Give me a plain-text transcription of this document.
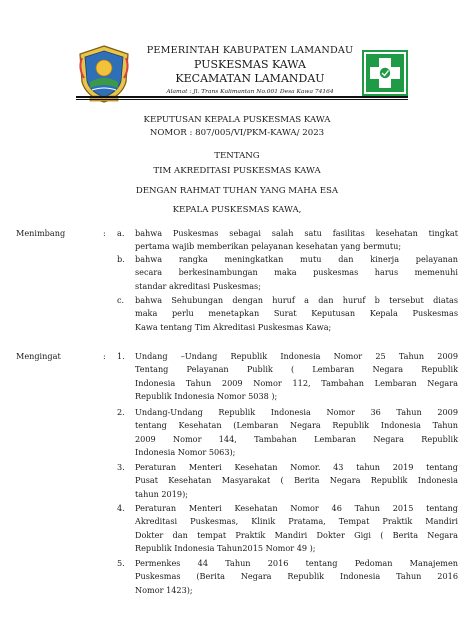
PEMERINTAH KABUPATEN LAMANDAU
PUSKESMAS KAWA
KECAMATAN LAMANDAU
Alamat : Jl. Trans Kalimantan No.001 Desa Kawa 74164
KEPUTUSAN KEPALA PUSKESMAS KAWA
NOMOR : 807/005/VI/PKM-KAWA/ 2023
TENTANG
TIM AKREDITASI PUSKESMAS KAWA
DENGAN RAHMAT TUHAN YANG MAHA ESA
KEPALA PUSKESMAS KAWA,
Menimbang	: a.	bahwa Puskesmas sebagai salah satu fasilitas kesehatan tingkat
pertama wajib memberikan pelayanan kesehatan yang bermutu;
b.	bahwa rangka meningkatkan mutu dan kinerja pelayanan
secara berkesinambungan maka puskesmas harus memenuhi
standar akreditasi Puskesmas;
c.	bahwa Sehubungan dengan huruf a dan huruf b tersebut diatas
maka perlu menetapkan Surat Keputusan Kepala Puskesmas
Kawa tentang Tim Akreditasi Puskesmas Kawa;
Mengingat	: 1.	Undang –Undang Republik Indonesia Nomor 25 Tahun 2009
Tentang Pelayanan Publik ( Lembaran Negara Republik
Indonesia Tahun 2009 Nomor 112, Tambahan Lembaran Negara
Republik Indonesia Nomor 5038 );
2.	Undang-Undang Republik Indonesia Nomor 36 Tahun 2009
tentang Kesehatan (Lembaran Negara Republik Indonesia Tahun
2009 Nomor 144, Tambahan Lembaran Negara Republik
Indonesia Nomor 5063);
3.	Peraturan Menteri Kesehatan Nomor. 43 tahun 2019 tentang
Pusat Kesehatan Masyarakat ( Berita Negara Republik Indonesia
tahun 2019);
4.	Peraturan Menteri Kesehatan Nomor 46 Tahun 2015 tentang
Akreditasi Puskesmas, Klinik Pratama, Tempat Praktik Mandiri
Dokter dan tempat Praktik Mandiri Dokter Gigi ( Berita Negara
Republik Indonesia Tahun2015 Nomor 49 );
5.	Permenkes 44 Tahun 2016 tentang Pedoman Manajemen
Puskesmas (Berita Negara Republik Indonesia Tahun 2016
Nomor 1423);
